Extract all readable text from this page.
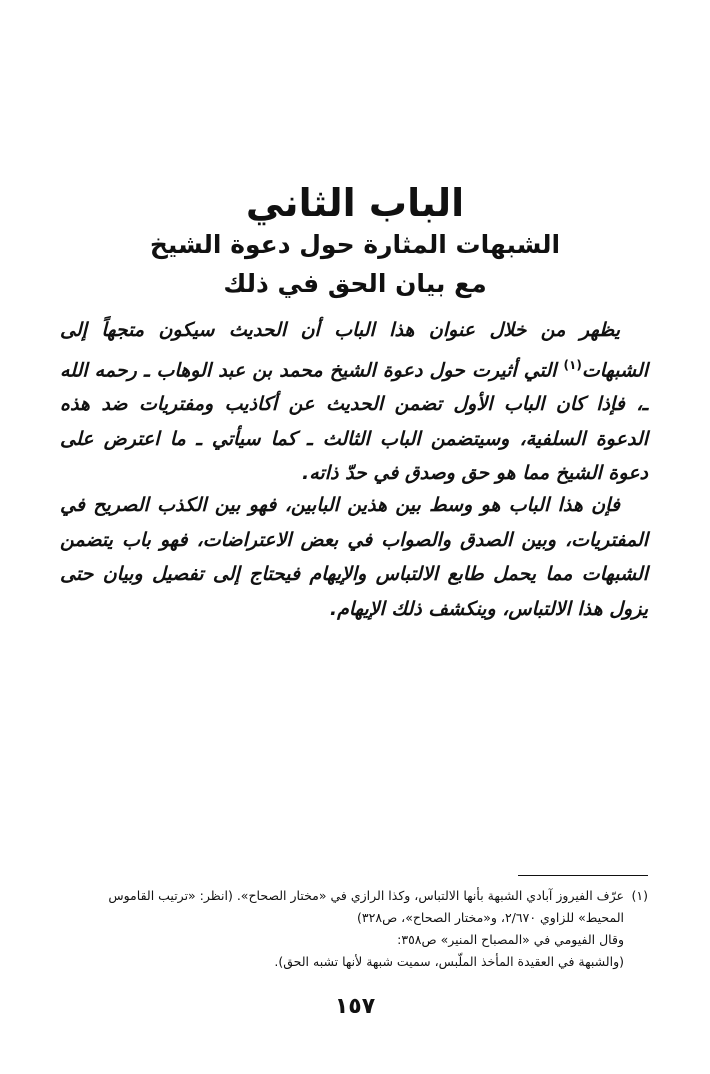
الباب الثاني
الشبهات المثارة حول دعوة الشيخ
مع بيان الحق في ذلك

يظهر من خلال عنوان هذا الباب أن الحديث سيكون متجهاً إلى الشبهات$^{(١)}$ التي أثيرت حول دعوة الشيخ محمد بن عبد الوهاب ـ رحمه الله ـ، فإذا كان الباب الأول تضمن الحديث عن أكاذيب ومفتريات ضد هذه الدعوة السلفية، وسيتضمن الباب الثالث ـ كما سيأتي ـ ما اعترض على دعوة الشيخ مما هو حق وصدق في حدّ ذاته.

فإن هذا الباب هو وسط بين هذين البابين، فهو بين الكذب الصريح في المفتريات، وبين الصدق والصواب في بعض الاعتراضات، فهو باب يتضمن الشبهات مما يحمل طابع الالتباس والإيهام فيحتاج إلى تفصيل وبيان حتى يزول هذا الالتباس، وينكشف ذلك الإيهام.

(١)عرّف الفيروز آبادي الشبهة بأنها الالتباس، وكذا الرازي في «مختار الصحاح». (انظر: «ترتيب القاموس
المحيط» للزاوي ٢/٦٧٠، و«مختار الصحاح»، ص٣٢٨)
وقال الفيومي في «المصباح المنير» ص٣٥٨:
(والشبهة في العقيدة المأخذ الملّبس، سميت شبهة لأنها تشبه الحق).
١٥٧
